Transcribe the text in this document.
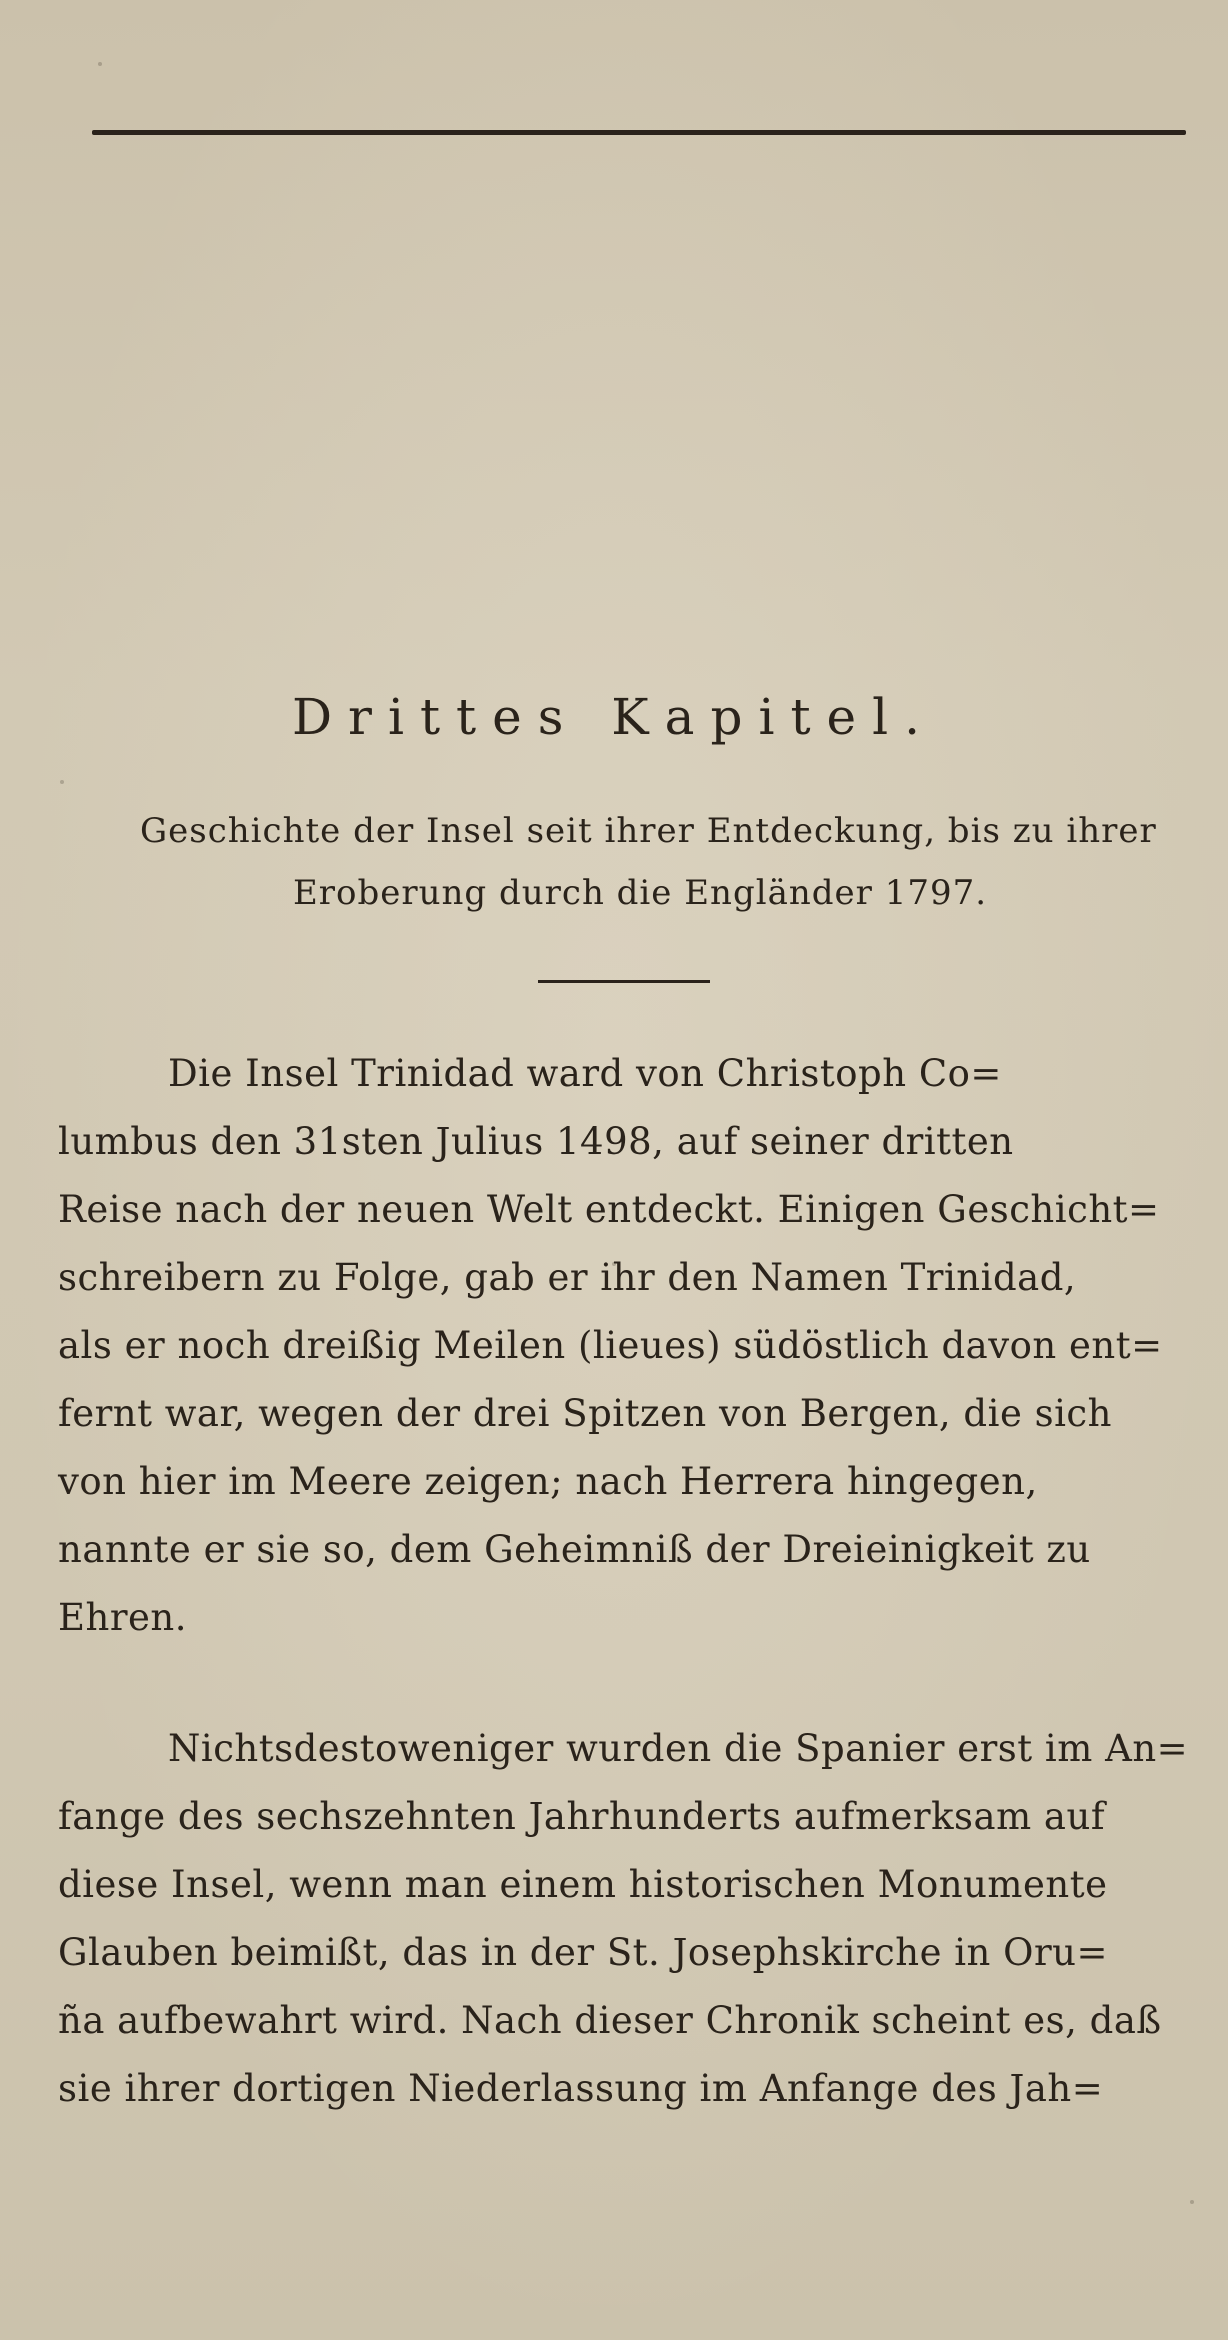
Drittes Kapitel.
Geschichte der Insel seit ihrer Entdeckung, bis zu ihrer
Eroberung durch die Engländer 1797.
Die Insel Trinidad ward von Christoph Co=
lumbus den 31sten Julius 1498, auf seiner dritten
Reise nach der neuen Welt entdeckt. Einigen Geschicht=
schreibern zu Folge, gab er ihr den Namen Trinidad,
als er noch dreißig Meilen (lieues) südöstlich davon ent=
fernt war, wegen der drei Spitzen von Bergen, die sich
von hier im Meere zeigen; nach Herrera hingegen,
nannte er sie so, dem Geheimniß der Dreieinigkeit zu
Ehren.
Nichtsdestoweniger wurden die Spanier erst im An=
fange des sechszehnten Jahrhunderts aufmerksam auf
diese Insel, wenn man einem historischen Monumente
Glauben beimißt, das in der St. Josephskirche in Oru=
ña aufbewahrt wird. Nach dieser Chronik scheint es, daß
sie ihrer dortigen Niederlassung im Anfange des Jah=
